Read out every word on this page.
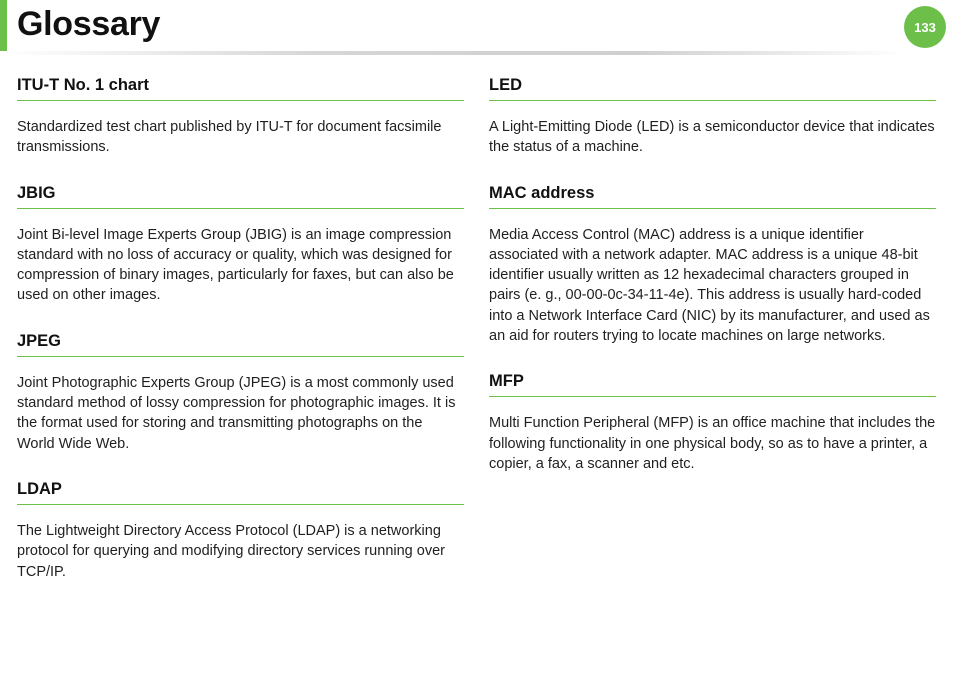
Glossary	133
ITU-T No. 1 chart

Standardized test chart published by ITU-T for document facsimile transmissions.

JBIG

Joint Bi-level Image Experts Group (JBIG) is an image compression standard with no loss of accuracy or quality, which was designed for compression of binary images, particularly for faxes, but can also be used on other images.

JPEG

Joint Photographic Experts Group (JPEG) is a most commonly used standard method of lossy compression for photographic images. It is the format used for storing and transmitting photographs on the World Wide Web.

LDAP

The Lightweight Directory Access Protocol (LDAP) is a networking protocol for querying and modifying directory services running over TCP/IP.

LED

A Light-Emitting Diode (LED) is a semiconductor device that indicates the status of a machine.

MAC address

Media Access Control (MAC) address is a unique identifier associated with a network adapter. MAC address is a unique 48-bit identifier usually written as 12 hexadecimal characters grouped in pairs (e. g., 00-00-0c-34-11-4e). This address is usually hard-coded into a Network Interface Card (NIC) by its manufacturer, and used as an aid for routers trying to locate machines on large networks.

MFP

Multi Function Peripheral (MFP) is an office machine that includes the following functionality in one physical body, so as to have a printer, a copier, a fax, a scanner and etc.
